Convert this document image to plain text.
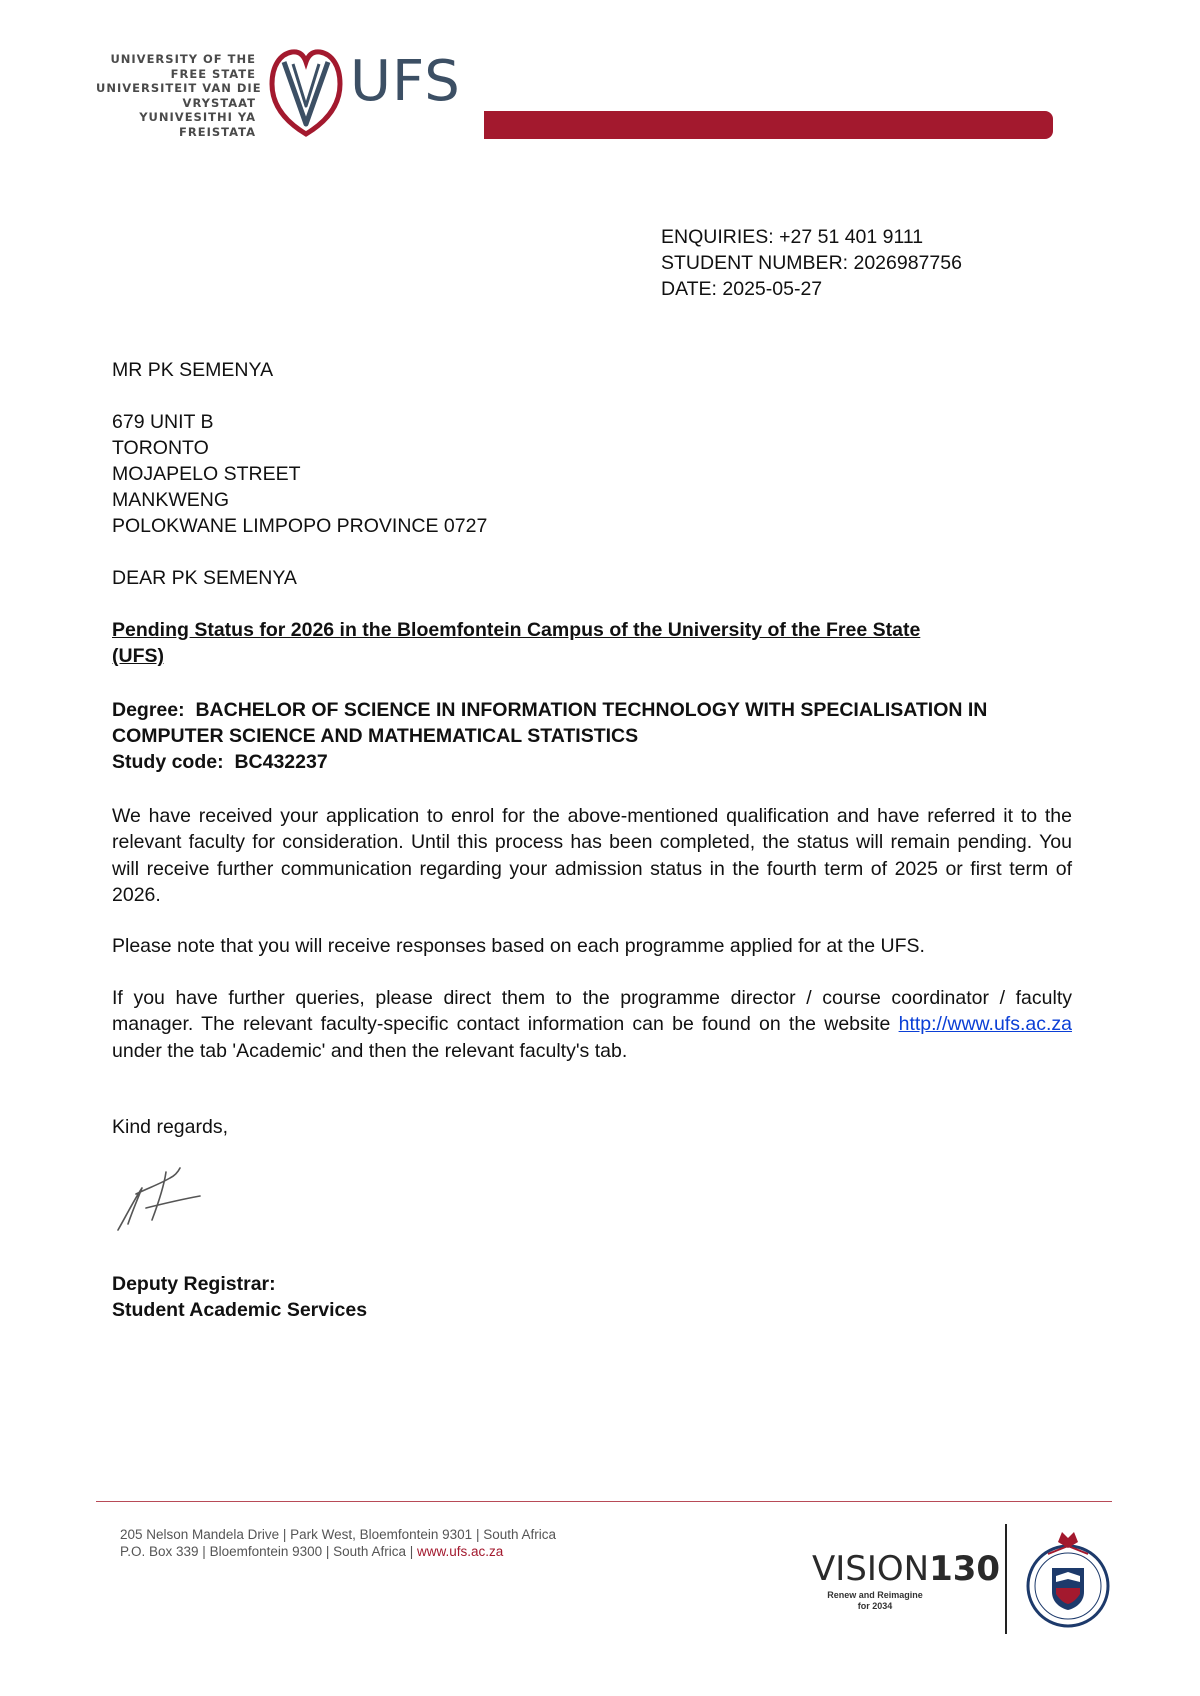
UNIVERSITY OF THE
FREE STATE
UNIVERSITEIT VAN DIE
VRYSTAAT
YUNIVESITHI YA
FREISTATA
UFS
ENQUIRIES: +27 51 401 9111
STUDENT NUMBER: 2026987756
DATE: 2025-05-27
MR PK SEMENYA
679 UNIT B
TORONTO
MOJAPELO STREET
MANKWENG
POLOKWANE LIMPOPO PROVINCE 0727
DEAR PK SEMENYA
Pending Status for 2026 in the Bloemfontein Campus of the University of the Free State
(UFS)
Degree: BACHELOR OF SCIENCE IN INFORMATION TECHNOLOGY WITH SPECIALISATION IN
COMPUTER SCIENCE AND MATHEMATICAL STATISTICS
Study code: BC432237
We have received your application to enrol for the above-mentioned qualification and have referred it to the relevant faculty for consideration. Until this process has been completed, the status will remain pending. You will receive further communication regarding your admission status in the fourth term of 2025 or first term of 2026.
Please note that you will receive responses based on each programme applied for at the UFS.
If you have further queries, please direct them to the programme director / course coordinator / faculty manager. The relevant faculty-specific contact information can be found on the website http://www.ufs.ac.za under the tab 'Academic' and then the relevant faculty's tab.
Kind regards,
Deputy Registrar:
Student Academic Services
205 Nelson Mandela Drive | Park West, Bloemfontein 9301 | South Africa
P.O. Box 339 | Bloemfontein 9300 | South Africa | www.ufs.ac.za	VISION130
Renew and Reimagine
for 2034
